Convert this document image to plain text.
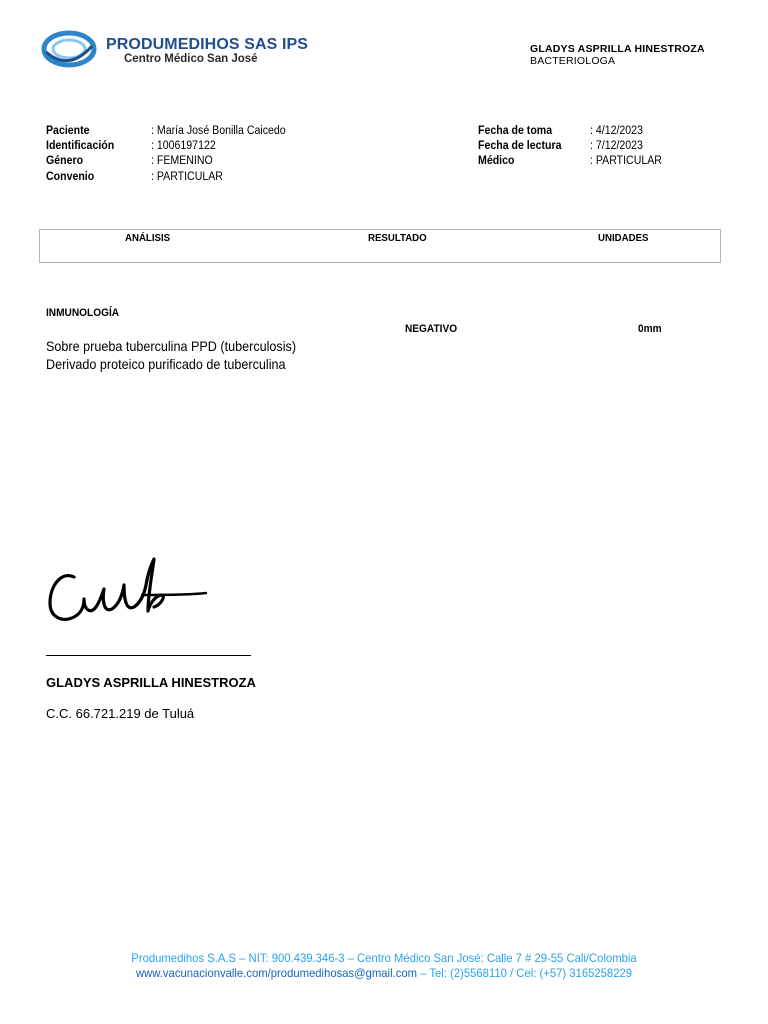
PRODUMEDIHOS SAS IPS
Centro Médico San José
GLADYS ASPRILLA HINESTROZA
BACTERIOLOGA
Paciente	: María José Bonilla Caicedo
Identificación	: 1006197122
Género	: FEMENINO
Convenio	: PARTICULAR
Fecha de toma	: 4/12/2023
Fecha de lectura : 7/12/2023
Médico	: PARTICULAR
ANÁLISIS	RESULTADO	UNIDADES
INMUNOLOGÍA
NEGATIVO	0mm
Sobre prueba tuberculina PPD (tuberculosis)
Derivado proteico purificado de tuberculina
GLADYS ASPRILLA HINESTROZA
C.C. 66.721.219 de Tuluá
Produmedihos S.A.S – NIT: 900.439.346-3 – Centro Médico San José: Calle 7 # 29-55 Cali/Colombia
www.vacunacionvalle.com/produmedihosas@gmail.com – Tel: (2)5568110 / Cel: (+57) 3165258229
